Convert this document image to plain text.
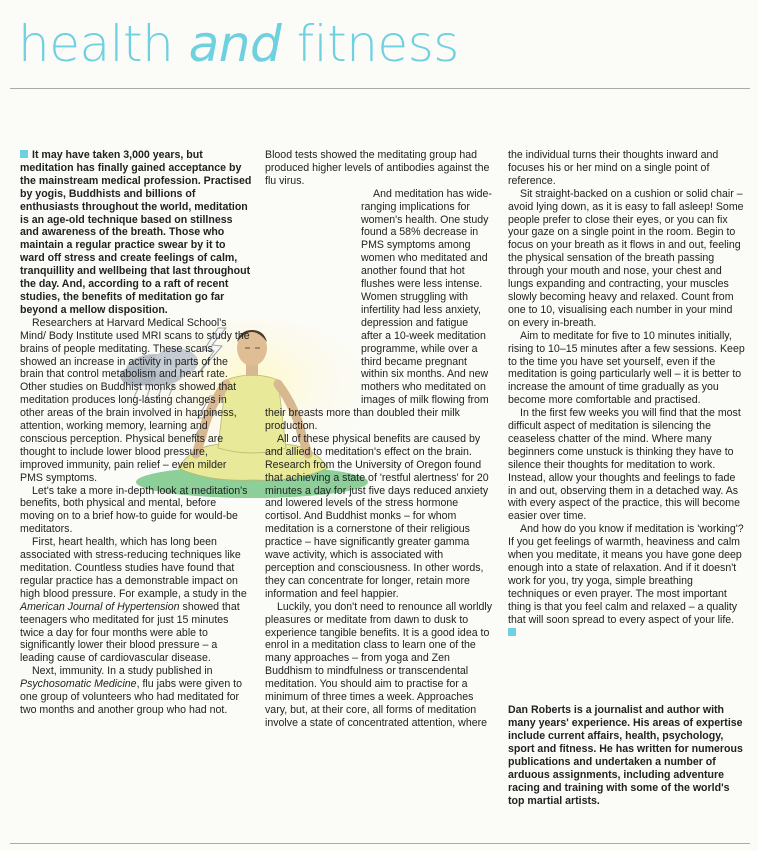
health and fitness

It may have taken 3,000 years, but meditation has finally gained acceptance by the mainstream medical profession. Practised by yogis, Buddhists and billions of enthusiasts throughout the world, meditation is an age-old technique based on stillness and awareness of the breath. Those who maintain a regular practice swear by it to ward off stress and create feelings of calm, tranquillity and wellbeing that last throughout the day. And, according to a raft of recent studies, the benefits of meditation go far beyond a mellow disposition.

Researchers at Harvard Medical School's Mind/ Body Institute used MRI scans to study the brains of people meditating. These scans showed an increase in activity in parts of the brain that control metabolism and heart rate. Other studies on Buddhist monks showed that meditation produces long-lasting changes in other areas of the brain involved in happiness, attention, working memory, learning and conscious perception. Physical benefits are thought to include lower blood pressure, improved immunity, pain relief – even milder PMS symptoms.

Let's take a more in-depth look at meditation's benefits, both physical and mental, before moving on to a brief how-to guide for would-be meditators.

First, heart health, which has long been associated with stress-reducing techniques like meditation. Countless studies have found that regular practice has a demonstrable impact on high blood pressure. For example, a study in the American Journal of Hypertension showed that teenagers who meditated for just 15 minutes twice a day for four months were able to significantly lower their blood pressure – a leading cause of cardiovascular disease.

Next, immunity. In a study published in Psychosomatic Medicine, flu jabs were given to one group of volunteers who had meditated for two months and another group who had not.

Blood tests showed the meditating group had produced higher levels of antibodies against the flu virus.

And meditation has wide-ranging implications for women's health. One study found a 58% decrease in PMS symptoms among women who meditated and another found that hot flushes were less intense. Women struggling with infertility had less anxiety, depression and fatigue after a 10-week meditation programme, while over a third became pregnant within six months. And new mothers who meditated on images of milk flowing from their breasts more than doubled their milk production.

All of these physical benefits are caused by and allied to meditation's effect on the brain. Research from the University of Oregon found that achieving a state of 'restful alertness' for 20 minutes a day for just five days reduced anxiety and lowered levels of the stress hormone cortisol. And Buddhist monks – for whom meditation is a cornerstone of their religious practice – have significantly greater gamma wave activity, which is associated with perception and consciousness. In other words, they can concentrate for longer, retain more information and feel happier.

Luckily, you don't need to renounce all worldly pleasures or meditate from dawn to dusk to experience tangible benefits. It is a good idea to enrol in a meditation class to learn one of the many approaches – from yoga and Zen Buddhism to mindfulness or transcendental meditation. You should aim to practise for a minimum of three times a week. Approaches vary, but, at their core, all forms of meditation involve a state of concentrated attention, where

the individual turns their thoughts inward and focuses his or her mind on a single point of reference.

Sit straight-backed on a cushion or solid chair – avoid lying down, as it is easy to fall asleep! Some people prefer to close their eyes, or you can fix your gaze on a single point in the room. Begin to focus on your breath as it flows in and out, feeling the physical sensation of the breath passing through your mouth and nose, your chest and lungs expanding and contracting, your muscles slowly becoming heavy and relaxed. Count from one to 10, visualising each number in your mind on every in-breath.

Aim to meditate for five to 10 minutes initially, rising to 10–15 minutes after a few sessions. Keep to the time you have set yourself, even if the meditation is going particularly well – it is better to increase the amount of time gradually as you become more comfortable and practised.

In the first few weeks you will find that the most difficult aspect of meditation is silencing the ceaseless chatter of the mind. Where many beginners come unstuck is thinking they have to silence their thoughts for meditation to work. Instead, allow your thoughts and feelings to fade in and out, observing them in a detached way. As with every aspect of the practice, this will become easier over time.

And how do you know if meditation is 'working'? If you get feelings of warmth, heaviness and calm when you meditate, it means you have gone deep enough into a state of relaxation. And if it doesn't work for you, try yoga, simple breathing techniques or even prayer. The most important thing is that you feel calm and relaxed – a quality that will soon spread to every aspect of your life.

Dan Roberts is a journalist and author with many years' experience. His areas of expertise include current affairs, health, psychology, sport and fitness. He has written for numerous publications and undertaken a number of arduous assignments, including adventure racing and training with some of the world's top martial artists.
